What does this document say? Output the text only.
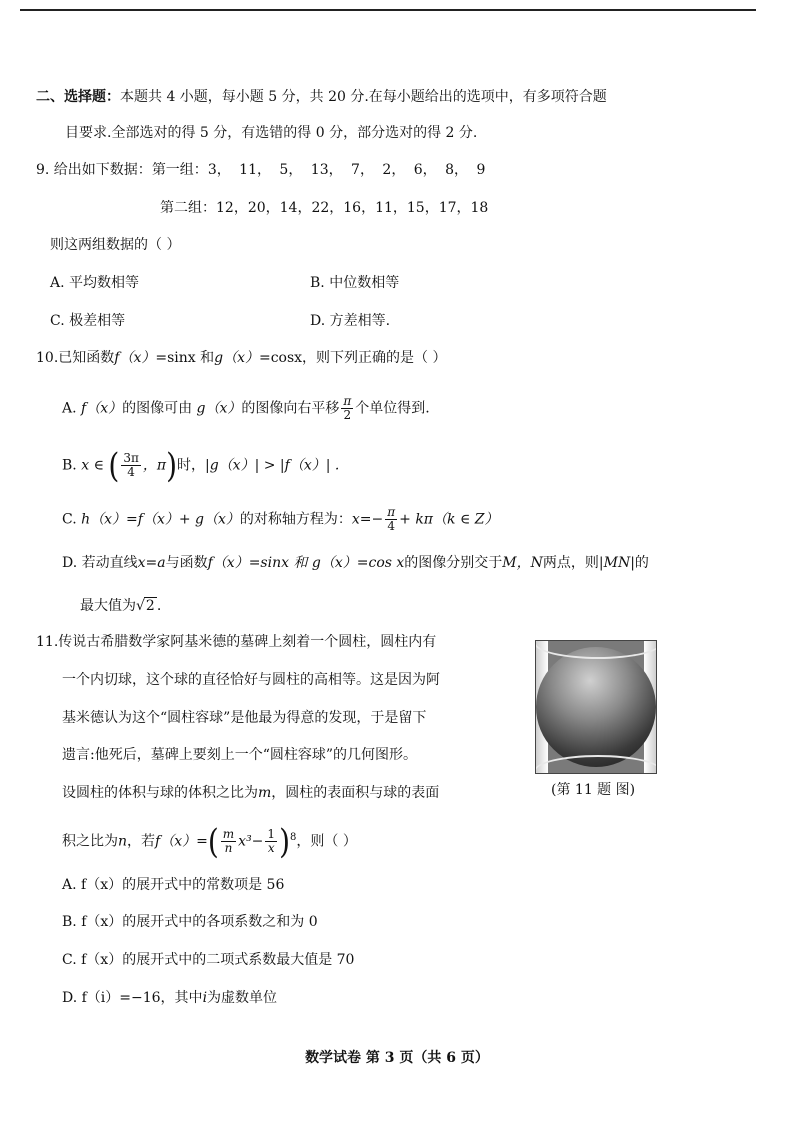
二、选择题：本题共 4 小题，每小题 5 分，共 20 分.在每小题给出的选项中，有多项符合题
目要求.全部选对的得 5 分，有选错的得 0 分，部分选对的得 2 分.
9. 给出如下数据：第一组：3， 11， 5， 13， 7， 2， 6， 8， 9
第二组：12，20，14，22，16，11，15，17，18
则这两组数据的（ ）
A. 平均数相等	B. 中位数相等
C. 极差相等	D. 方差相等.
10.已知函数f（x）=sinx 和g（x）=cosx，则下列正确的是（ ）
A. f（x）的图像可由 g（x）的图像向右平移 $\frac{\pi}{2}$ 个单位得到.
B. x ∈ ( $\frac{3\pi}{4}$ ，π)时，|g（x）| > |f（x）| .
C. h（x）=f（x）+ g（x）的对称轴方程为：$x=- \frac{\pi}{4} + k\pi(k$ ∈ Z）
D. 若动直线x=a与函数f（x）=sinx 和 g（x）=cos x的图像分别交于M，N两点，则|MN|的
最大值为√2 .
11.传说古希腊数学家阿基米德的墓碑上刻着一个圆柱，圆柱内有
一个内切球，这个球的直径恰好与圆柱的高相等。这是因为阿
基米德认为这个“圆柱容球”是他最为得意的发现，于是留下
遗言:他死后，墓碑上要刻上一个“圆柱容球”的几何图形。
设圆柱的体积与球的体积之比为m，圆柱的表面积与球的表面
积之比为n，若$f(x)=( \frac{m}{n} x^3- \frac{1}{x} )^8$，则（ ）
(第 11 题 图)
A. f（x）的展开式中的常数项是 56
B. f（x）的展开式中的各项系数之和为 0
C. f（x）的展开式中的二项式系数最大值是 70
D. f（i）=−16，其中i为虚数单位
数学试卷 第 3 页（共 6 页）
